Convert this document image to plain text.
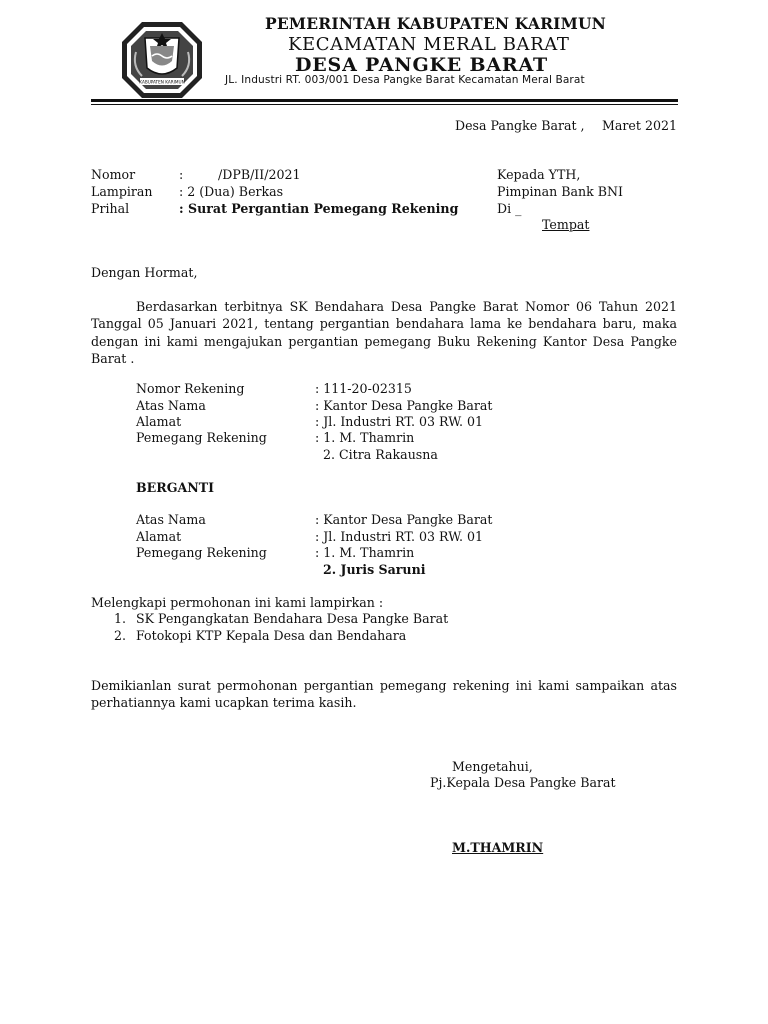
KABUPATEN KARIMUN
PEMERINTAH KABUPATEN KARIMUN
KECAMATAN MERAL BARAT
DESA PANGKE BARAT
JL. Industri RT. 003/001 Desa Pangke Barat Kecamatan Meral Barat
Desa Pangke Barat , Maret 2021
Nomor	:	/DPB/II/2021
Lampiran : 2 (Dua) Berkas
Prihal	: Surat Pergantian Pemegang Rekening
Kepada YTH,
Pimpinan Bank BNI
Di _
Tempat
Dengan Hormat,
Berdasarkan terbitnya SK Bendahara Desa Pangke Barat Nomor 06 Tahun 2021 Tanggal 05 Januari 2021, tentang pergantian bendahara lama ke bendahara baru, maka dengan ini kami mengajukan pergantian pemegang Buku Rekening Kantor Desa Pangke Barat .
Nomor Rekening	: 111-20-02315
Atas Nama	: Kantor Desa Pangke Barat
Alamat	: Jl. Industri RT. 03 RW. 01
Pemegang Rekening	: 1. M. Thamrin
2. Citra Rakausna
BERGANTI
Atas Nama	: Kantor Desa Pangke Barat
Alamat	: Jl. Industri RT. 03 RW. 01
Pemegang Rekening	: 1. M. Thamrin
2. Juris Saruni
Melengkapi permohonan ini kami lampirkan :
1. SK Pengangkatan Bendahara Desa Pangke Barat
2. Fotokopi KTP Kepala Desa dan Bendahara
Demikianlan surat permohonan pergantian pemegang rekening ini kami sampaikan atas perhatiannya kami ucapkan terima kasih.
Mengetahui,
Pj.Kepala Desa Pangke Barat
M.THAMRIN
